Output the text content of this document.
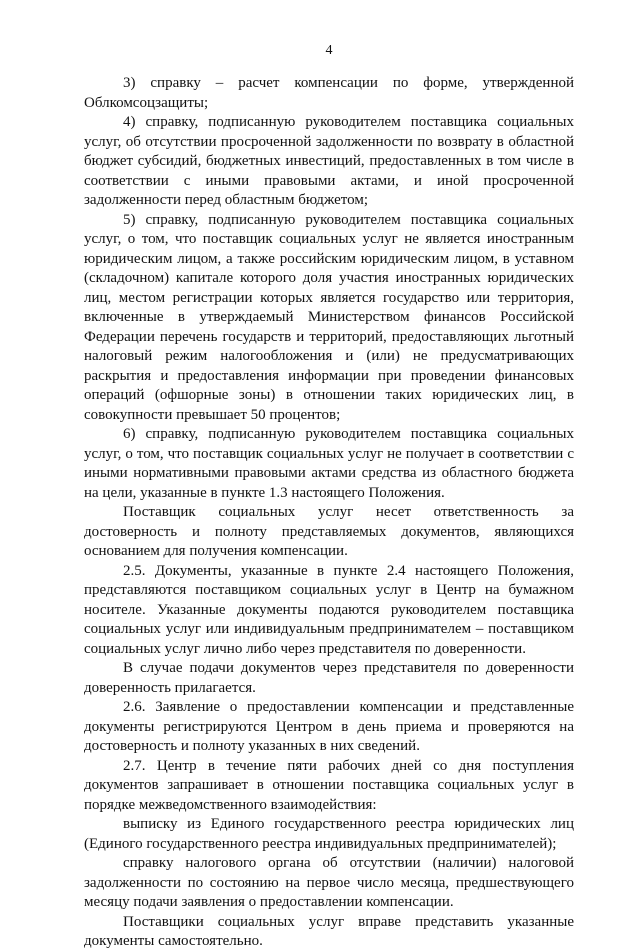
4

3) справку – расчет компенсации по форме, утвержденной Облкомсоцзащиты;

4) справку, подписанную руководителем поставщика социальных услуг, об отсутствии просроченной задолженности по возврату в областной бюджет субсидий, бюджетных инвестиций, предоставленных в том числе в соответствии с иными правовыми актами, и иной просроченной задолженности перед областным бюджетом;

5) справку, подписанную руководителем поставщика социальных услуг, о том, что поставщик социальных услуг не является иностранным юридическим лицом, а также российским юридическим лицом, в уставном (складочном) капитале которого доля участия иностранных юридических лиц, местом регистрации которых является государство или территория, включенные в утверждаемый Министерством финансов Российской Федерации перечень государств и территорий, предоставляющих льготный налоговый режим налогообложения и (или) не предусматривающих раскрытия и предоставления информации при проведении финансовых операций (офшорные зоны) в отношении таких юридических лиц, в совокупности превышает 50 процентов;

6) справку, подписанную руководителем поставщика социальных услуг, о том, что поставщик социальных услуг не получает в соответствии с иными нормативными правовыми актами средства из областного бюджета на цели, указанные в пункте 1.3 настоящего Положения.

Поставщик социальных услуг несет ответственность за достоверность и полноту представляемых документов, являющихся основанием для получения компенсации.

2.5. Документы, указанные в пункте 2.4 настоящего Положения, представляются поставщиком социальных услуг в Центр на бумажном носителе. Указанные документы подаются руководителем поставщика социальных услуг или индивидуальным предпринимателем – поставщиком социальных услуг лично либо через представителя по доверенности.

В случае подачи документов через представителя по доверенности доверенность прилагается.

2.6. Заявление о предоставлении компенсации и представленные документы регистрируются Центром в день приема и проверяются на достоверность и полноту указанных в них сведений.

2.7. Центр в течение пяти рабочих дней со дня поступления документов запрашивает в отношении поставщика социальных услуг в порядке межведомственного взаимодействия:

выписку из Единого государственного реестра юридических лиц (Единого государственного реестра индивидуальных предпринимателей);

справку налогового органа об отсутствии (наличии) налоговой задолженности по состоянию на первое число месяца, предшествующего месяцу подачи заявления о предоставлении компенсации.

Поставщики социальных услуг вправе представить указанные документы самостоятельно.
